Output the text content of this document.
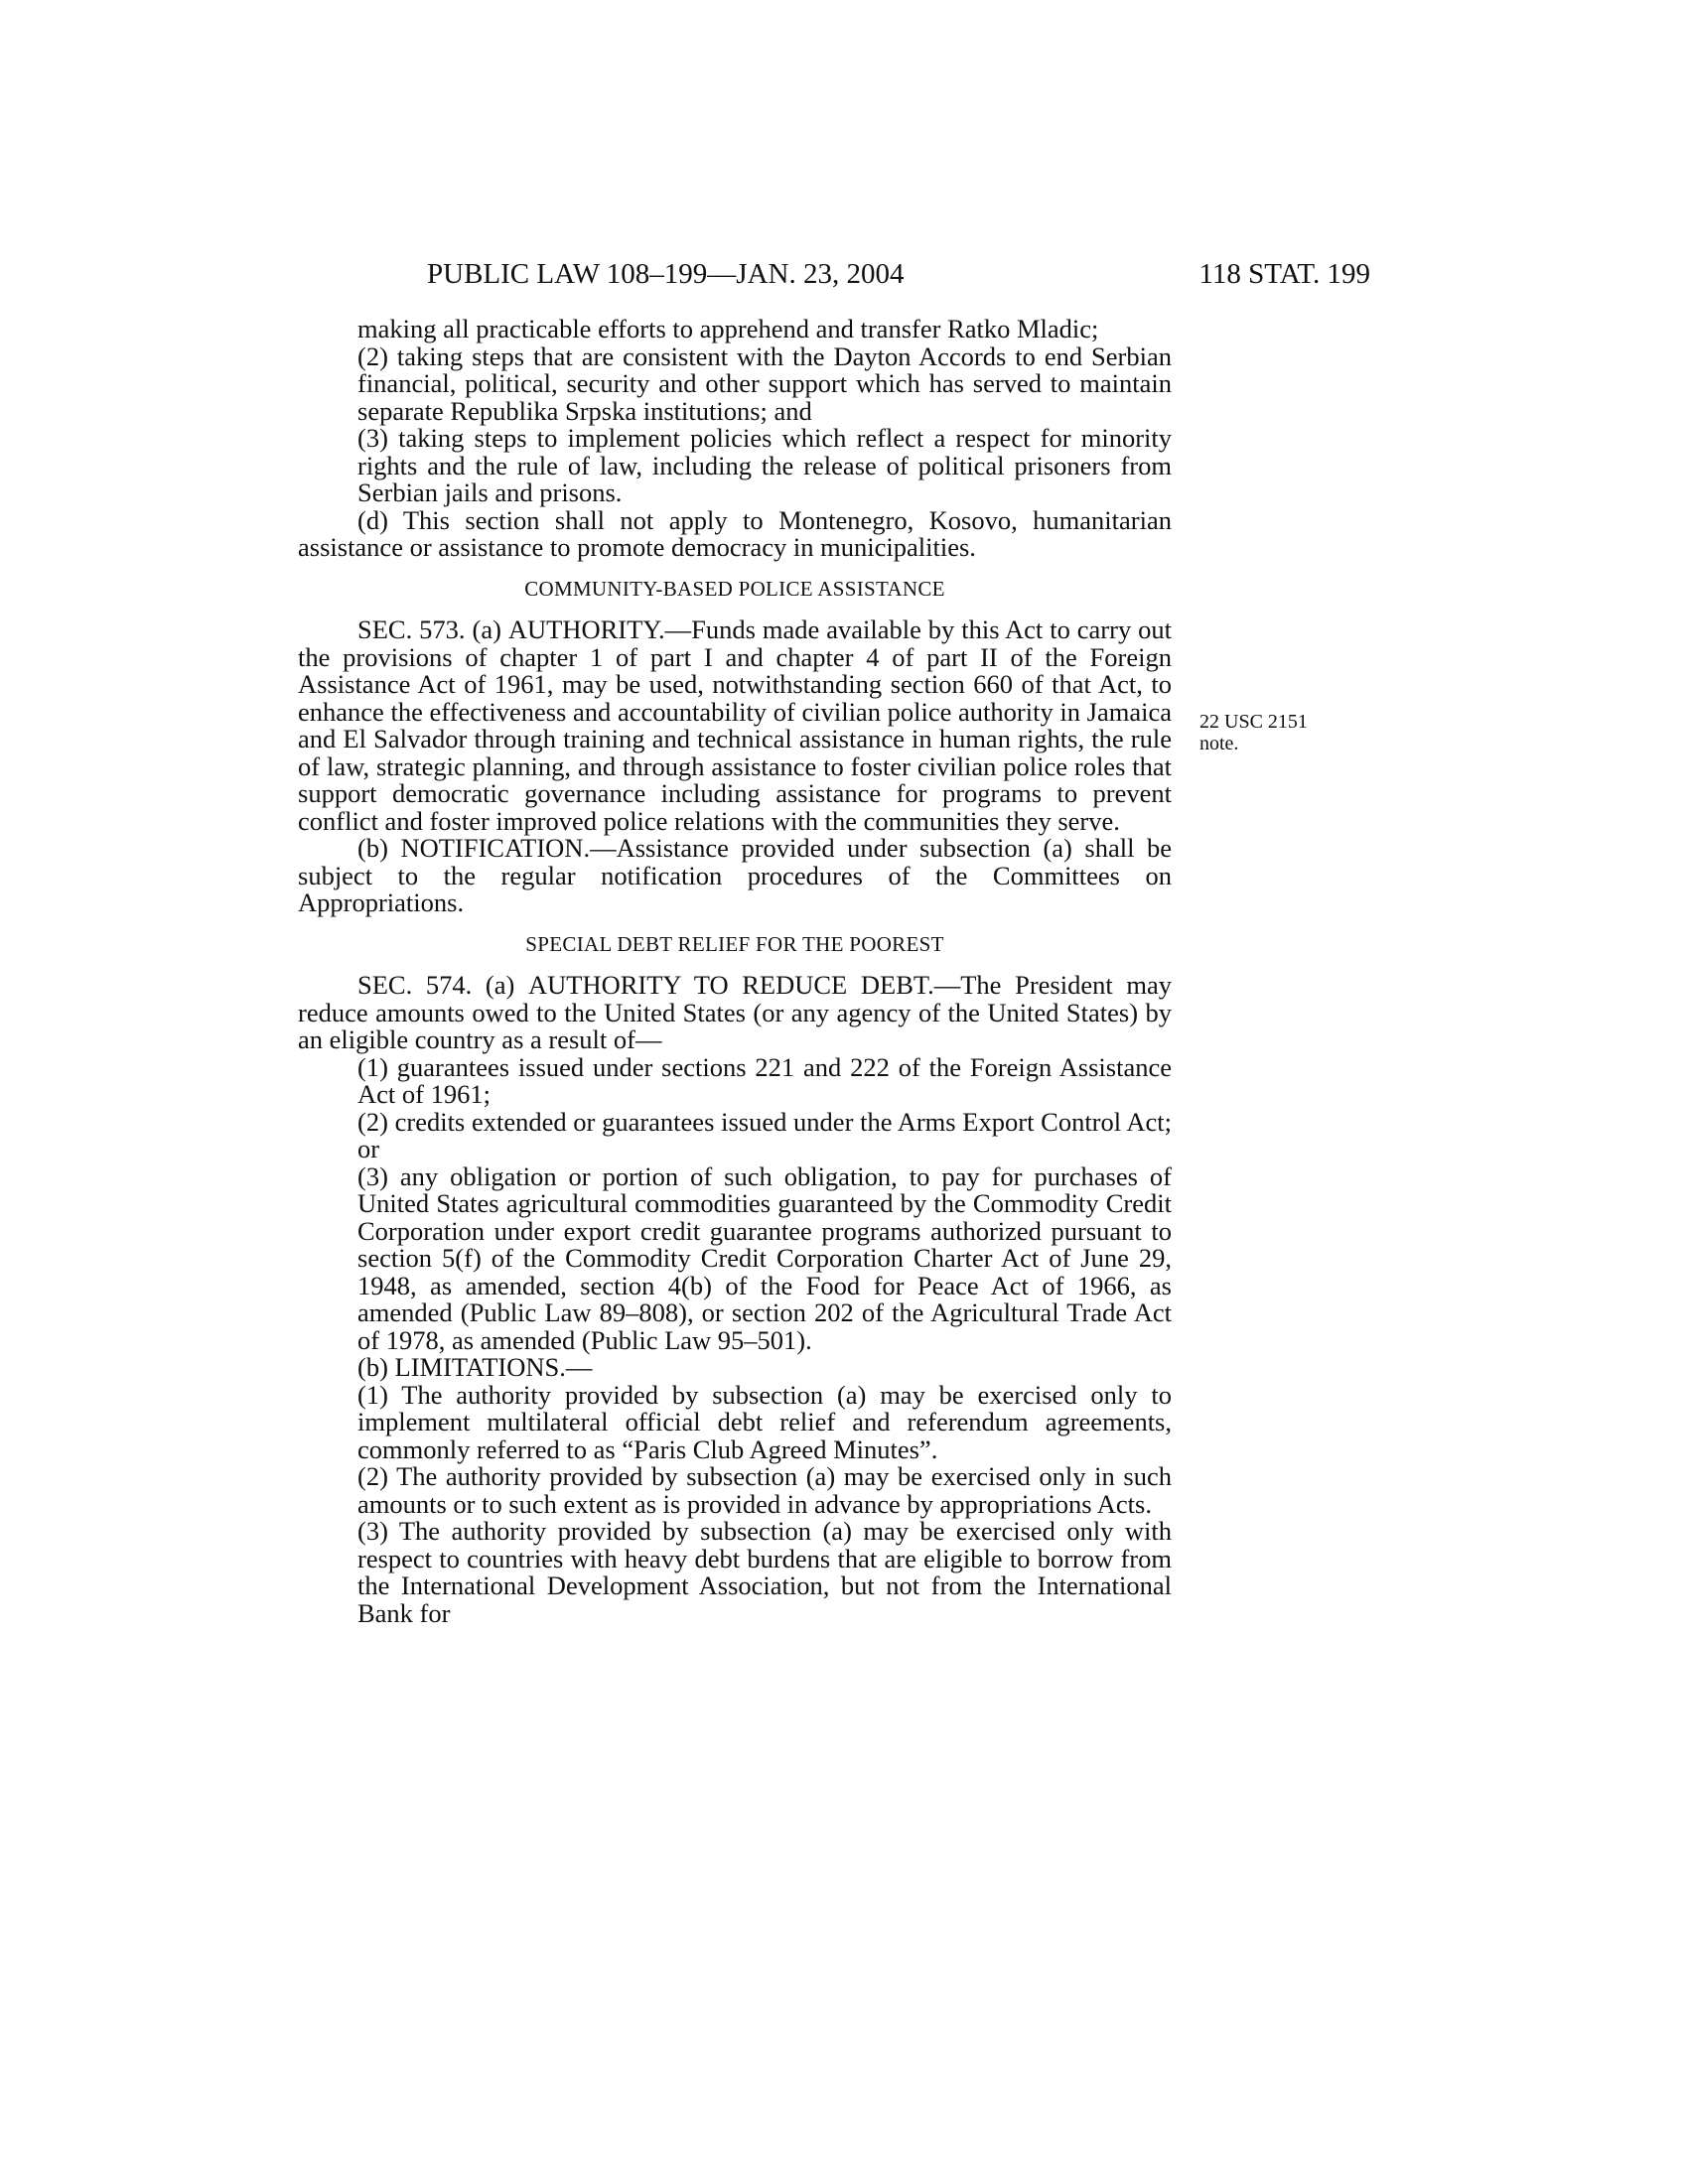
PUBLIC LAW 108–199—JAN. 23, 2004	118 STAT. 199
22 USC 2151 note.

making all practicable efforts to apprehend and transfer Ratko Mladic;

(2) taking steps that are consistent with the Dayton Accords to end Serbian financial, political, security and other support which has served to maintain separate Republika Srpska institutions; and

(3) taking steps to implement policies which reflect a respect for minority rights and the rule of law, including the release of political prisoners from Serbian jails and prisons.

(d) This section shall not apply to Montenegro, Kosovo, humanitarian assistance or assistance to promote democracy in municipalities.

COMMUNITY-BASED POLICE ASSISTANCE

SEC. 573. (a) AUTHORITY.—Funds made available by this Act to carry out the provisions of chapter 1 of part I and chapter 4 of part II of the Foreign Assistance Act of 1961, may be used, notwithstanding section 660 of that Act, to enhance the effectiveness and accountability of civilian police authority in Jamaica and El Salvador through training and technical assistance in human rights, the rule of law, strategic planning, and through assistance to foster civilian police roles that support democratic governance including assistance for programs to prevent conflict and foster improved police relations with the communities they serve.

(b) NOTIFICATION.—Assistance provided under subsection (a) shall be subject to the regular notification procedures of the Committees on Appropriations.

SPECIAL DEBT RELIEF FOR THE POOREST

SEC. 574. (a) AUTHORITY TO REDUCE DEBT.—The President may reduce amounts owed to the United States (or any agency of the United States) by an eligible country as a result of—

(1) guarantees issued under sections 221 and 222 of the Foreign Assistance Act of 1961;

(2) credits extended or guarantees issued under the Arms Export Control Act; or

(3) any obligation or portion of such obligation, to pay for purchases of United States agricultural commodities guaranteed by the Commodity Credit Corporation under export credit guarantee programs authorized pursuant to section 5(f) of the Commodity Credit Corporation Charter Act of June 29, 1948, as amended, section 4(b) of the Food for Peace Act of 1966, as amended (Public Law 89–808), or section 202 of the Agricultural Trade Act of 1978, as amended (Public Law 95–501).

(b) LIMITATIONS.—

(1) The authority provided by subsection (a) may be exercised only to implement multilateral official debt relief and referendum agreements, commonly referred to as “Paris Club Agreed Minutes”.

(2) The authority provided by subsection (a) may be exercised only in such amounts or to such extent as is provided in advance by appropriations Acts.

(3) The authority provided by subsection (a) may be exercised only with respect to countries with heavy debt burdens that are eligible to borrow from the International Development Association, but not from the International Bank for
